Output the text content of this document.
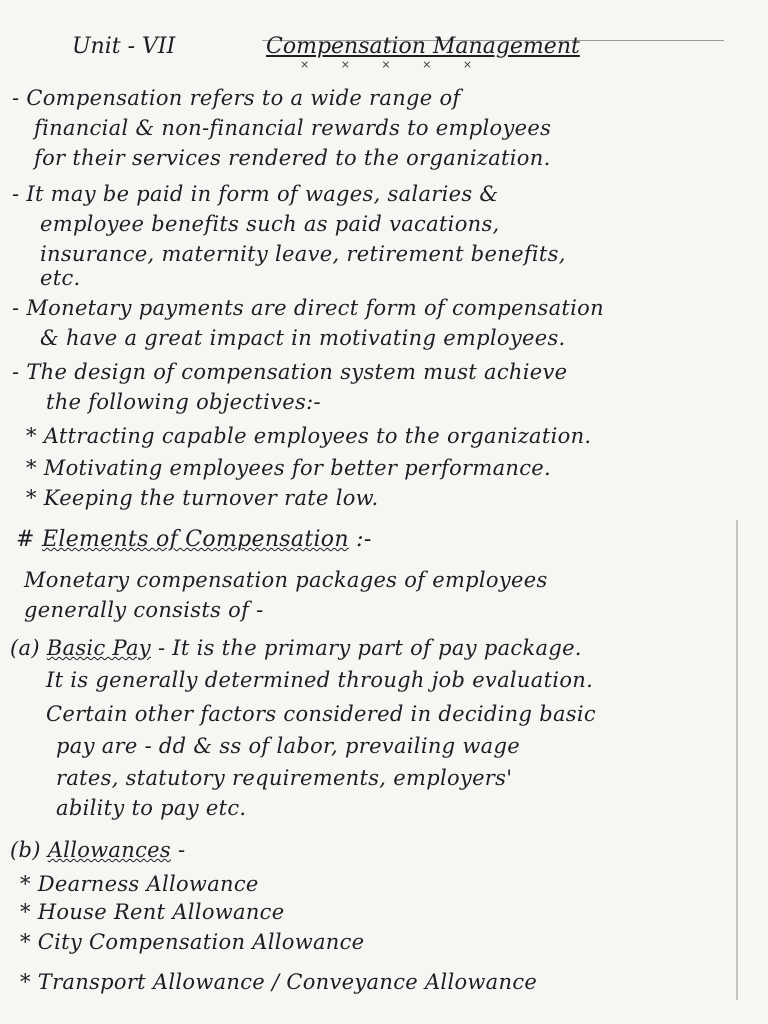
Unit - VII	Compensation Management
× × × × ×
- Compensation refers to a wide range of
financial & non-financial rewards to employees
for their services rendered to the organization.
- It may be paid in form of wages, salaries &
employee benefits such as paid vacations,
insurance, maternity leave, retirement benefits,
etc.
- Monetary payments are direct form of compensation
& have a great impact in motivating employees.
- The design of compensation system must achieve
the following objectives:-
* Attracting capable employees to the organization.
* Motivating employees for better performance.
* Keeping the turnover rate low.
# Elements of Compensation :-
Monetary compensation packages of employees
generally consists of -
(a) Basic Pay - It is the primary part of pay package.
It is generally determined through job evaluation.
Certain other factors considered in deciding basic
pay are - dd & ss of labor, prevailing wage
rates, statutory requirements, employers'
ability to pay etc.
(b) Allowances -
* Dearness Allowance
* House Rent Allowance
* City Compensation Allowance
* Transport Allowance / Conveyance Allowance
